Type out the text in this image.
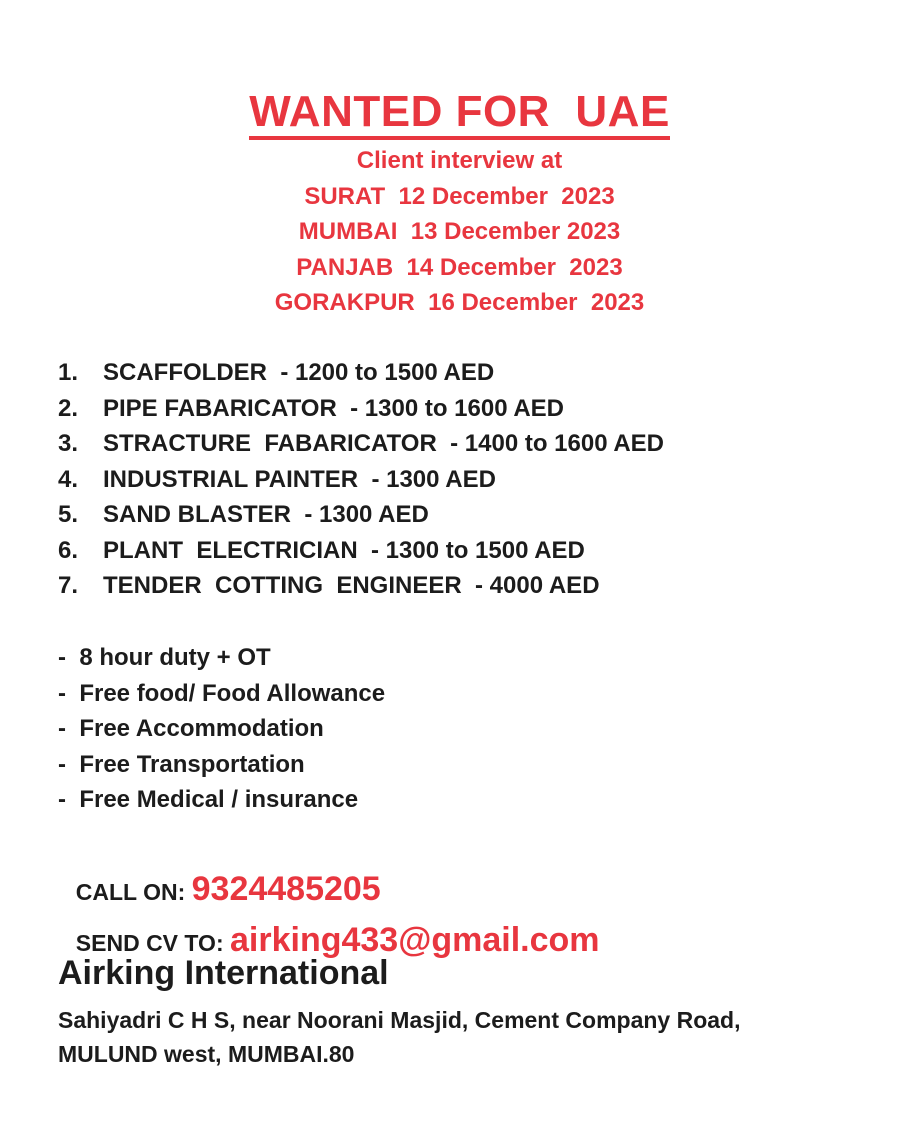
WANTED FOR  UAE
Client interview at
SURAT  12 December  2023
MUMBAI  13 December 2023
PANJAB  14 December  2023
GORAKPUR  16 December  2023
1.	SCAFFOLDER  - 1200 to 1500 AED
2.	PIPE FABARICATOR  - 1300 to 1600 AED
3.	STRACTURE  FABARICATOR  - 1400 to 1600 AED
4.	INDUSTRIAL PAINTER  - 1300 AED
5.	SAND BLASTER  - 1300 AED
6.	PLANT  ELECTRICIAN  - 1300 to 1500 AED
7.	TENDER  COTTING  ENGINEER  - 4000 AED
-  8 hour duty + OT
-  Free food/ Food Allowance
-  Free Accommodation
-  Free Transportation
-  Free Medical / insurance

CALL ON: 9324485205

SEND CV TO: airking433@gmail.com

Airking International
Sahiyadri C H S, near Noorani Masjid, Cement Company Road,
MULUND west, MUMBAI.80
